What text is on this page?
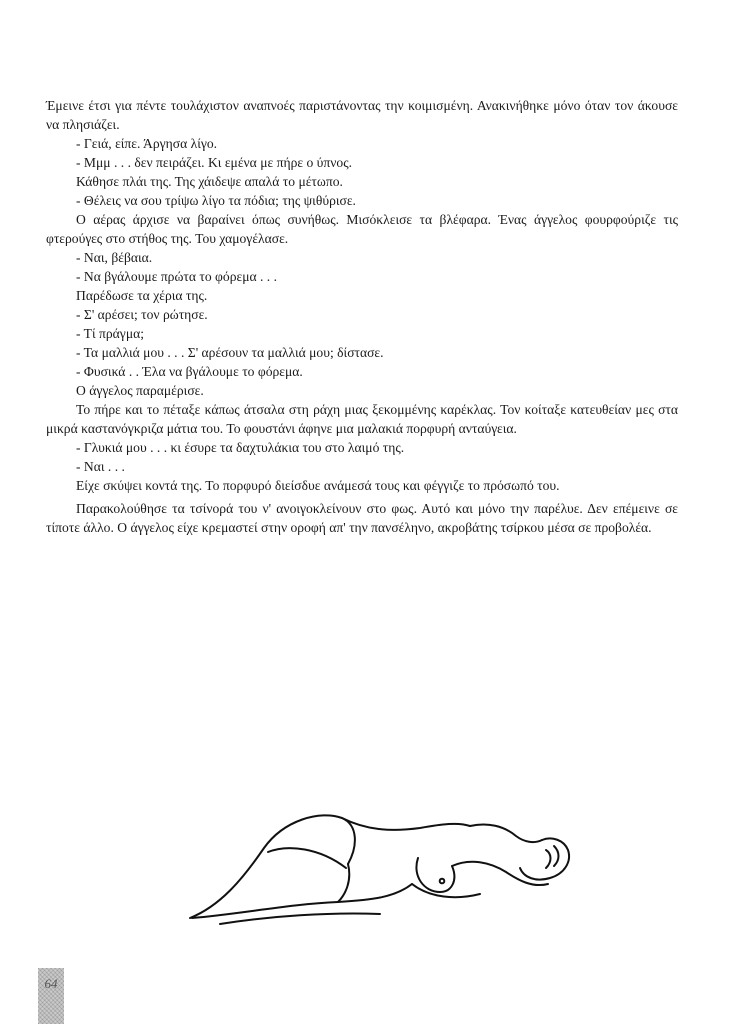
Έμεινε έτσι για πέντε τουλάχιστον αναπνοές παριστάνοντας την κοιμισμένη. Ανακινήθηκε μόνο όταν τον άκουσε να πλησιάζει.

- Γειά, είπε. Άργησα λίγο.

- Μμμ . . . δεν πειράζει. Κι εμένα με πήρε ο ύπνος.

Κάθησε πλάι της. Της χάιδεψε απαλά το μέτωπο.

- Θέλεις να σου τρίψω λίγο τα πόδια; της ψιθύρισε.

Ο αέρας άρχισε να βαραίνει όπως συνήθως. Μισόκλεισε τα βλέφαρα. Ένας άγγελος φουρφούριζε τις φτερούγες στο στήθος της. Του χαμογέλασε.

- Ναι, βέβαια.

- Να βγάλουμε πρώτα το φόρεμα . . .

Παρέδωσε τα χέρια της.

- Σ' αρέσει; τον ρώτησε.

- Τί πράγμα;

- Τα μαλλιά μου . . . Σ' αρέσουν τα μαλλιά μου; δίστασε.

- Φυσικά . . Έλα να βγάλουμε το φόρεμα.

Ο άγγελος παραμέρισε.

Το πήρε και το πέταξε κάπως άτσαλα στη ράχη μιας ξεκομμένης καρέκλας. Τον κοίταξε κατευθείαν μες στα μικρά καστανόγκριζα μάτια του. Το φουστάνι άφηνε μια μαλακιά πορφυρή ανταύγεια.

- Γλυκιά μου . . . κι έσυρε τα δαχτυλάκια του στο λαιμό της.

- Ναι . . .

Είχε σκύψει κοντά της. Το πορφυρό διείσδυε ανάμεσά τους και φέγγιζε το πρόσωπό του.

Παρακολούθησε τα τσίνορά του ν' ανοιγοκλείνουν στο φως. Αυτό και μόνο την παρέλυε. Δεν επέμεινε σε τίποτε άλλο. Ο άγγελος είχε κρεμαστεί στην οροφή απ' την πανσέληνο, ακροβάτης τσίρκου μέσα σε προβολέα.

64
